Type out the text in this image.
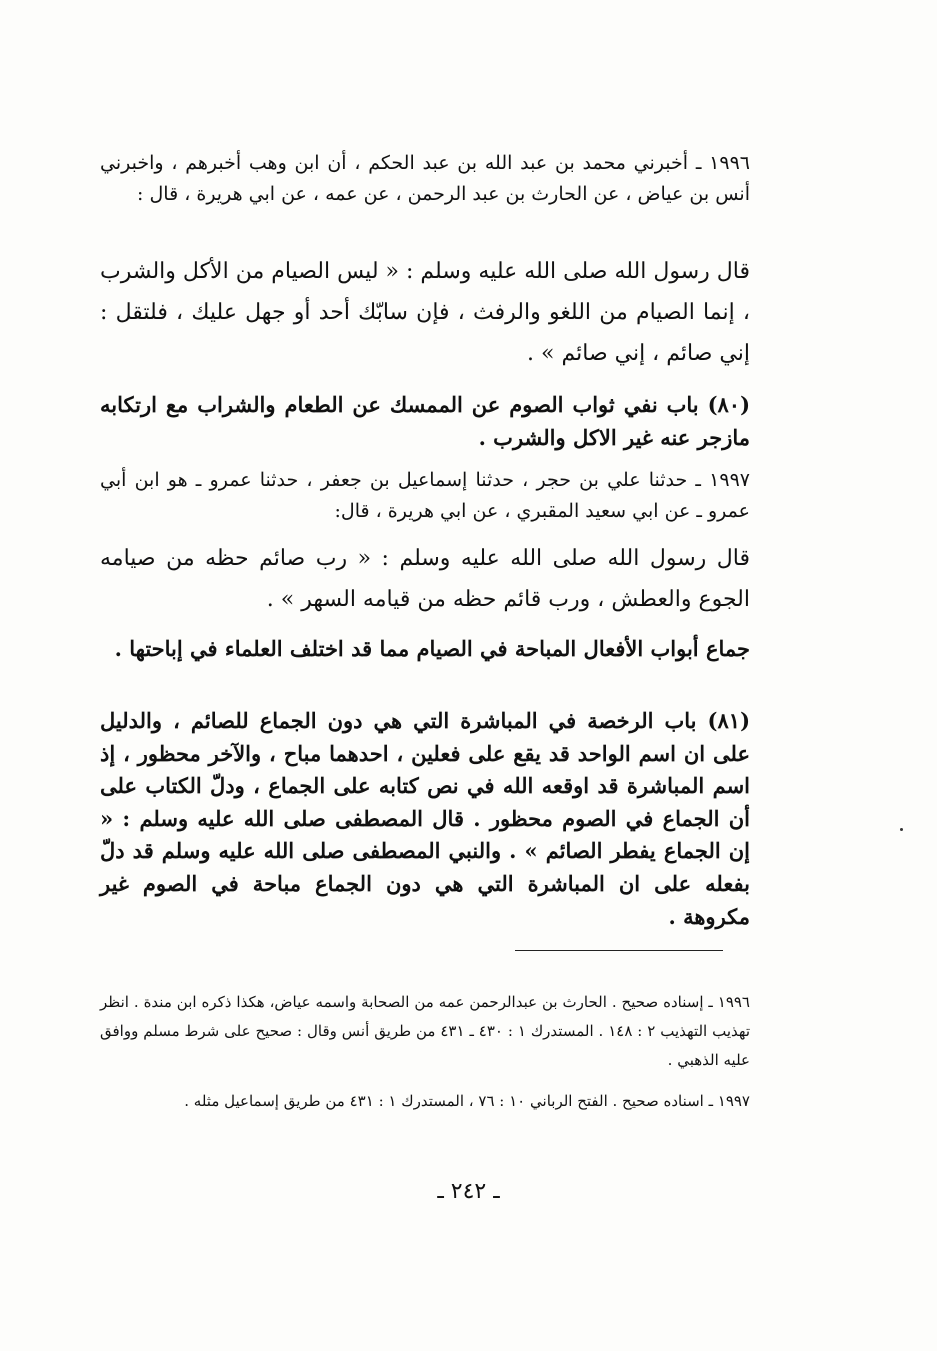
١٩٩٦ ـ أخبرني محمد بن عبد الله بن عبد الحكم ، أن ابن وهب أخبرهم ، واخبرني أنس بن عياض ، عن الحارث بن عبد الرحمن ، عن عمه ، عن ابي هريرة ، قال :

قال رسول الله صلى الله عليه وسلم : « ليس الصيام من الأكل والشرب ، إنما الصيام من اللغو والرفث ، فإن سابّك أحد أو جهل عليك ، فلتقل : إني صائم ، إني صائم » .

(٨٠) باب نفي ثواب الصوم عن الممسك عن الطعام والشراب مع ارتكابه مازجر عنه غير الاكل والشرب .

١٩٩٧ ـ حدثنا علي بن حجر ، حدثنا إسماعيل بن جعفر ، حدثنا عمرو ـ هو ابن أبي عمرو ـ عن ابي سعيد المقبري ، عن ابي هريرة ، قال:

قال رسول الله صلى الله عليه وسلم : « رب صائم حظه من صيامه الجوع والعطش ، ورب قائم حظه من قيامه السهر » .

جماع أبواب الأفعال المباحة في الصيام مما قد اختلف العلماء في إباحتها .

(٨١) باب الرخصة في المباشرة التي هي دون الجماع للصائم ، والدليل على ان اسم الواحد قد يقع على فعلين ، احدهما مباح ، والآخر محظور ، إذ اسم المباشرة قد اوقعه الله في نص كتابه على الجماع ، ودلّ الكتاب على أن الجماع في الصوم محظور . قال المصطفى صلى الله عليه وسلم : « إن الجماع يفطر الصائم » . والنبي المصطفى صلى الله عليه وسلم قد دلّ بفعله على ان المباشرة التي هي دون الجماع مباحة في الصوم غير مكروهة .

١٩٩٦ ـ إسناده صحيح . الحارث بن عبدالرحمن عمه من الصحابة واسمه عياض، هكذا ذكره ابن مندة . انظر تهذيب التهذيب ٢ : ١٤٨ . المستدرك ١ : ٤٣٠ ـ ٤٣١ من طريق أنس وقال : صحيح على شرط مسلم ووافق عليه الذهبي .

١٩٩٧ ـ اسناده صحيح . الفتح الرباني ١٠ : ٧٦ ، المستدرك ١ : ٤٣١ من طريق إسماعيل مثله .

ـ ٢٤٢ ـ
